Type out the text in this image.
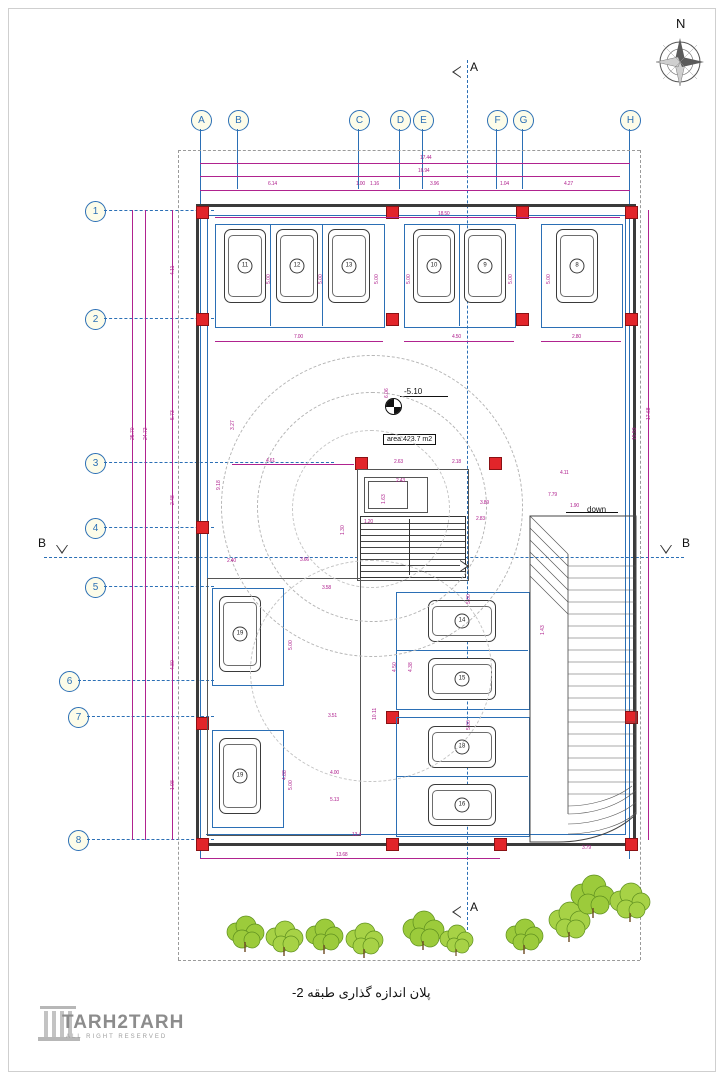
N
A
A
B	B
A	B	C	D	E	F	G	H
1
2
3
4
5
6
7
8
11	12	13	10	9	8
19
19
14
15
18
16
-5.10
area:423.7 m2
down
17.44
16.94
6.14	1.00 1.16	3.96	1.04	4.27
18.50
5.00	5.00	5.00	5.00	5.00	5.00
25.70 24.72
4.11
5.73
2.48
4.80
1.98
3.27
9.18
4.61
7.00	4.50	2.80
6.06
2.63
2.43
1.63
2.18
4.11
7.79
1.90
2.83
3.89
1.20
1.30
3.66
2.40
3.58
3.51
4.00
5.13
13.68
13.4
3.79
5.00
4.50 4.38
5.00
1.43
4.88
10.11
5.00
5.00
17.68
15.53
پلان اندازه گذاری طبقه 2-
TARH2TARH
ALL RIGHT RESERVED
